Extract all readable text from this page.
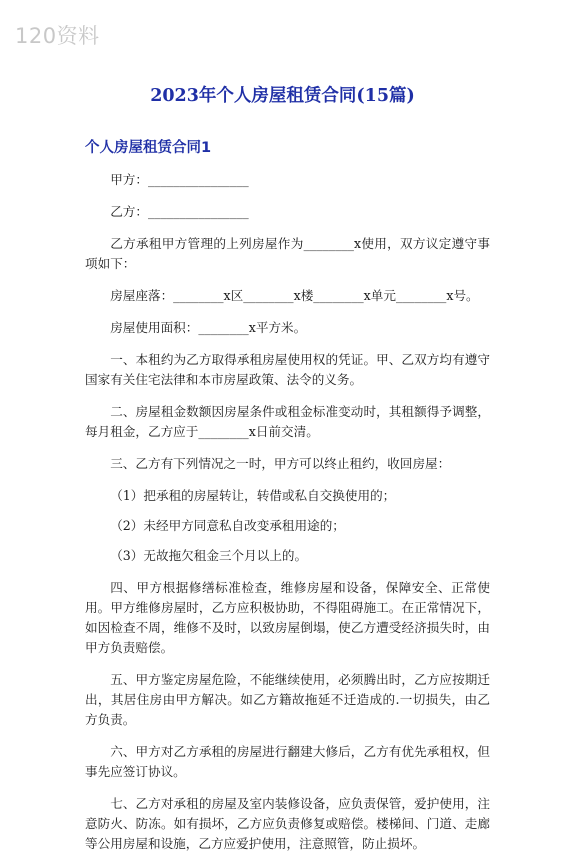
120资料
2023年个人房屋租赁合同(15篇)
个人房屋租赁合同1

甲方：________________

乙方：________________

乙方承租甲方管理的上列房屋作为________x使用，双方议定遵守事项如下：

房屋座落：________x区________x楼________x单元________x号。

房屋使用面积：________x平方米。

一、本租约为乙方取得承租房屋使用权的凭证。甲、乙双方均有遵守国家有关住宅法律和本市房屋政策、法令的义务。

二、房屋租金数额因房屋条件或租金标准变动时，其租额得予调整，每月租金，乙方应于________x日前交清。

三、乙方有下列情况之一时，甲方可以终止租约，收回房屋：

（1）把承租的房屋转让，转借或私自交换使用的；

（2）未经甲方同意私自改变承租用途的；

（3）无故拖欠租金三个月以上的。

四、甲方根据修缮标准检查，维修房屋和设备，保障安全、正常使用。甲方维修房屋时，乙方应积极协助，不得阻碍施工。在正常情况下，如因检查不周，维修不及时，以致房屋倒塌，使乙方遭受经济损失时，由甲方负责赔偿。

五、甲方鉴定房屋危险，不能继续使用，必须腾出时，乙方应按期迁出，其居住房由甲方解决。如乙方籍故拖延不迁造成的.一切损失，由乙方负责。

六、甲方对乙方承租的房屋进行翻建大修后，乙方有优先承租权，但事先应签订协议。

七、乙方对承租的房屋及室内装修设备，应负责保管，爱护使用，注意防火、防冻。如有损坏，乙方应负责修复或赔偿。楼梯间、门道、走廊等公用房屋和设施，乙方应爱护使用，注意照管，防止损坏。
